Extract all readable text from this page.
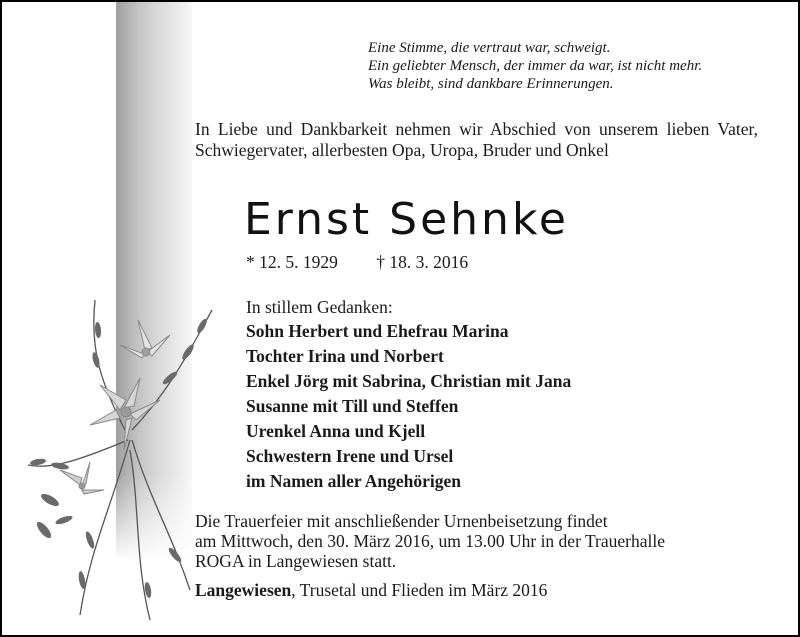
Eine Stimme, die vertraut war, schweigt.
Ein geliebter Mensch, der immer da war, ist nicht mehr.
Was bleibt, sind dankbare Erinnerungen.
In Liebe und Dankbarkeit nehmen wir Abschied von unserem lieben Vater, Schwiegervater, allerbesten Opa, Uropa, Bruder und Onkel
Ernst Sehnke
* 12. 5. 1929 † 18. 3. 2016
In stillem Gedanken:
Sohn Herbert und Ehefrau Marina
Tochter Irina und Norbert
Enkel Jörg mit Sabrina, Christian mit Jana
Susanne mit Till und Steffen
Urenkel Anna und Kjell
Schwestern Irene und Ursel
im Namen aller Angehörigen
Die Trauerfeier mit anschließender Urnenbeisetzung findet
am Mittwoch, den 30. März 2016, um 13.00 Uhr in der Trauerhalle
ROGA in Langewiesen statt.
Langewiesen, Trusetal und Flieden im März 2016
